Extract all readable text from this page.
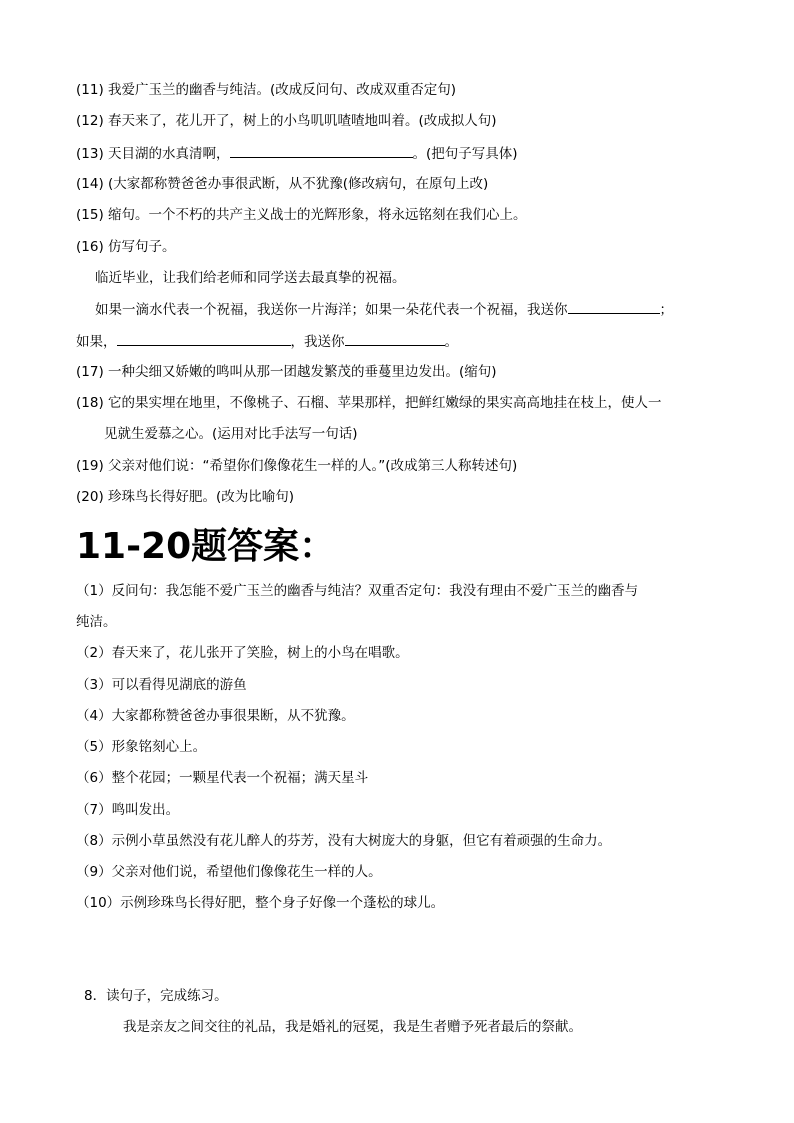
(11) 我爱广玉兰的幽香与纯洁。(改成反问句、改成双重否定句)
(12) 春天来了，花儿开了，树上的小鸟叽叽喳喳地叫着。(改成拟人句)
(13) 天目湖的水真清啊，	。(把句子写具体)
(14) (大家都称赞爸爸办事很武断，从不犹豫(修改病句，在原句上改)
(15) 缩句。一个不朽的共产主义战士的光辉形象，将永远铭刻在我们心上。
(16) 仿写句子。
临近毕业，让我们给老师和同学送去最真挚的祝福。
如果一滴水代表一个祝福，我送你一片海洋；如果一朵花代表一个祝福，我送你	；
如果，	，我送你	。
(17) 一种尖细又娇嫩的鸣叫从那一团越发繁茂的垂蔓里边发出。(缩句)
(18) 它的果实埋在地里，不像桃子、石榴、苹果那样，把鲜红嫩绿的果实高高地挂在枝上，使人一
见就生爱慕之心。(运用对比手法写一句话)
(19) 父亲对他们说：“希望你们像像花生一样的人。”(改成第三人称转述句)
(20) 珍珠鸟长得好肥。(改为比喻句)
11-20题答案：
（1）反问句：我怎能不爱广玉兰的幽香与纯洁？双重否定句：我没有理由不爱广玉兰的幽香与
纯洁。
（2）春天来了，花儿张开了笑脸，树上的小鸟在唱歌。
（3）可以看得见湖底的游鱼
（4）大家都称赞爸爸办事很果断，从不犹豫。
（5）形象铭刻心上。
（6）整个花园；一颗星代表一个祝福；满天星斗
（7）鸣叫发出。
（8）示例小草虽然没有花儿醉人的芬芳，没有大树庞大的身躯，但它有着顽强的生命力。
（9）父亲对他们说，希望他们像像花生一样的人。
（10）示例珍珠鸟长得好肥，整个身子好像一个蓬松的球儿。
8．读句子，完成练习。
我是亲友之间交往的礼品，我是婚礼的冠冕，我是生者赠予死者最后的祭献。
